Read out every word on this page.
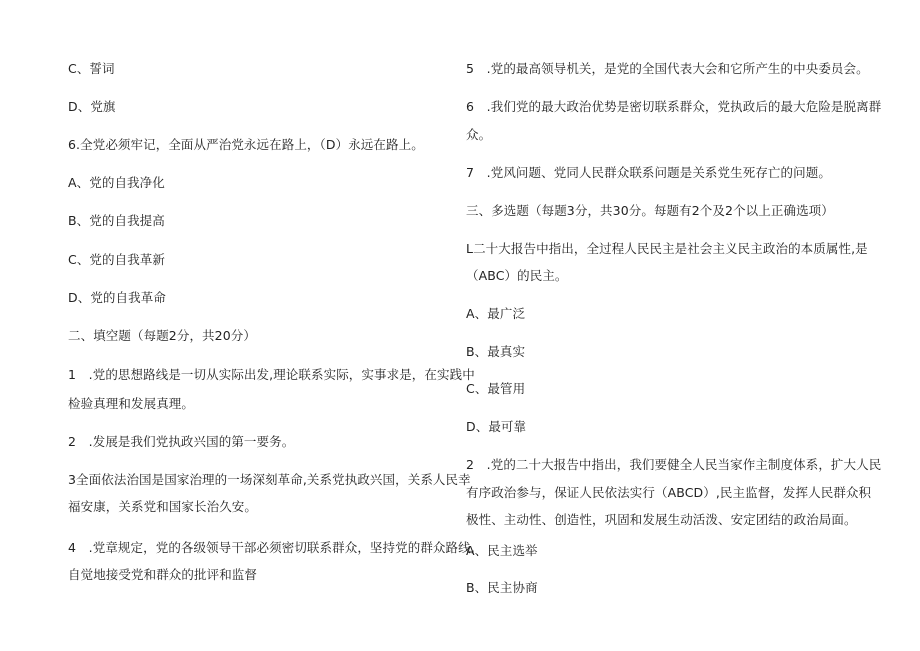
C、誓词
D、党旗
6.全党必须牢记，全面从严治党永远在路上，（D）永远在路上。
A、党的自我净化
B、党的自我提高
C、党的自我革新
D、党的自我革命
二、填空题（每题2分，共20分）
1　.党的思想路线是一切从实际出发,理论联系实际，实事求是，在实践中
检验真理和发展真理。
2　.发展是我们党执政兴国的第一要务。
3全面依法治国是国家治理的一场深刻革命,关系党执政兴国，关系人民幸
福安康，关系党和国家长治久安。
4　.党章规定，党的各级领导干部必须密切联系群众，坚持党的群众路线,
自觉地接受党和群众的批评和监督
5　.党的最高领导机关，是党的全国代表大会和它所产生的中央委员会。
6　.我们党的最大政治优势是密切联系群众，党执政后的最大危险是脱离群
众。
7　.党风问题、党同人民群众联系问题是关系党生死存亡的问题。
三、多选题（每题3分，共30分。每题有2个及2个以上正确选项）
L二十大报告中指出，全过程人民民主是社会主义民主政治的本质属性,是
（ABC）的民主。
A、最广泛
B、最真实
C、最管用
D、最可靠
2　.党的二十大报告中指出，我们要健全人民当家作主制度体系，扩大人民
有序政治参与，保证人民依法实行（ABCD）,民主监督，发挥人民群众积
极性、主动性、创造性，巩固和发展生动活泼、安定团结的政治局面。
A、民主选举
B、民主协商
